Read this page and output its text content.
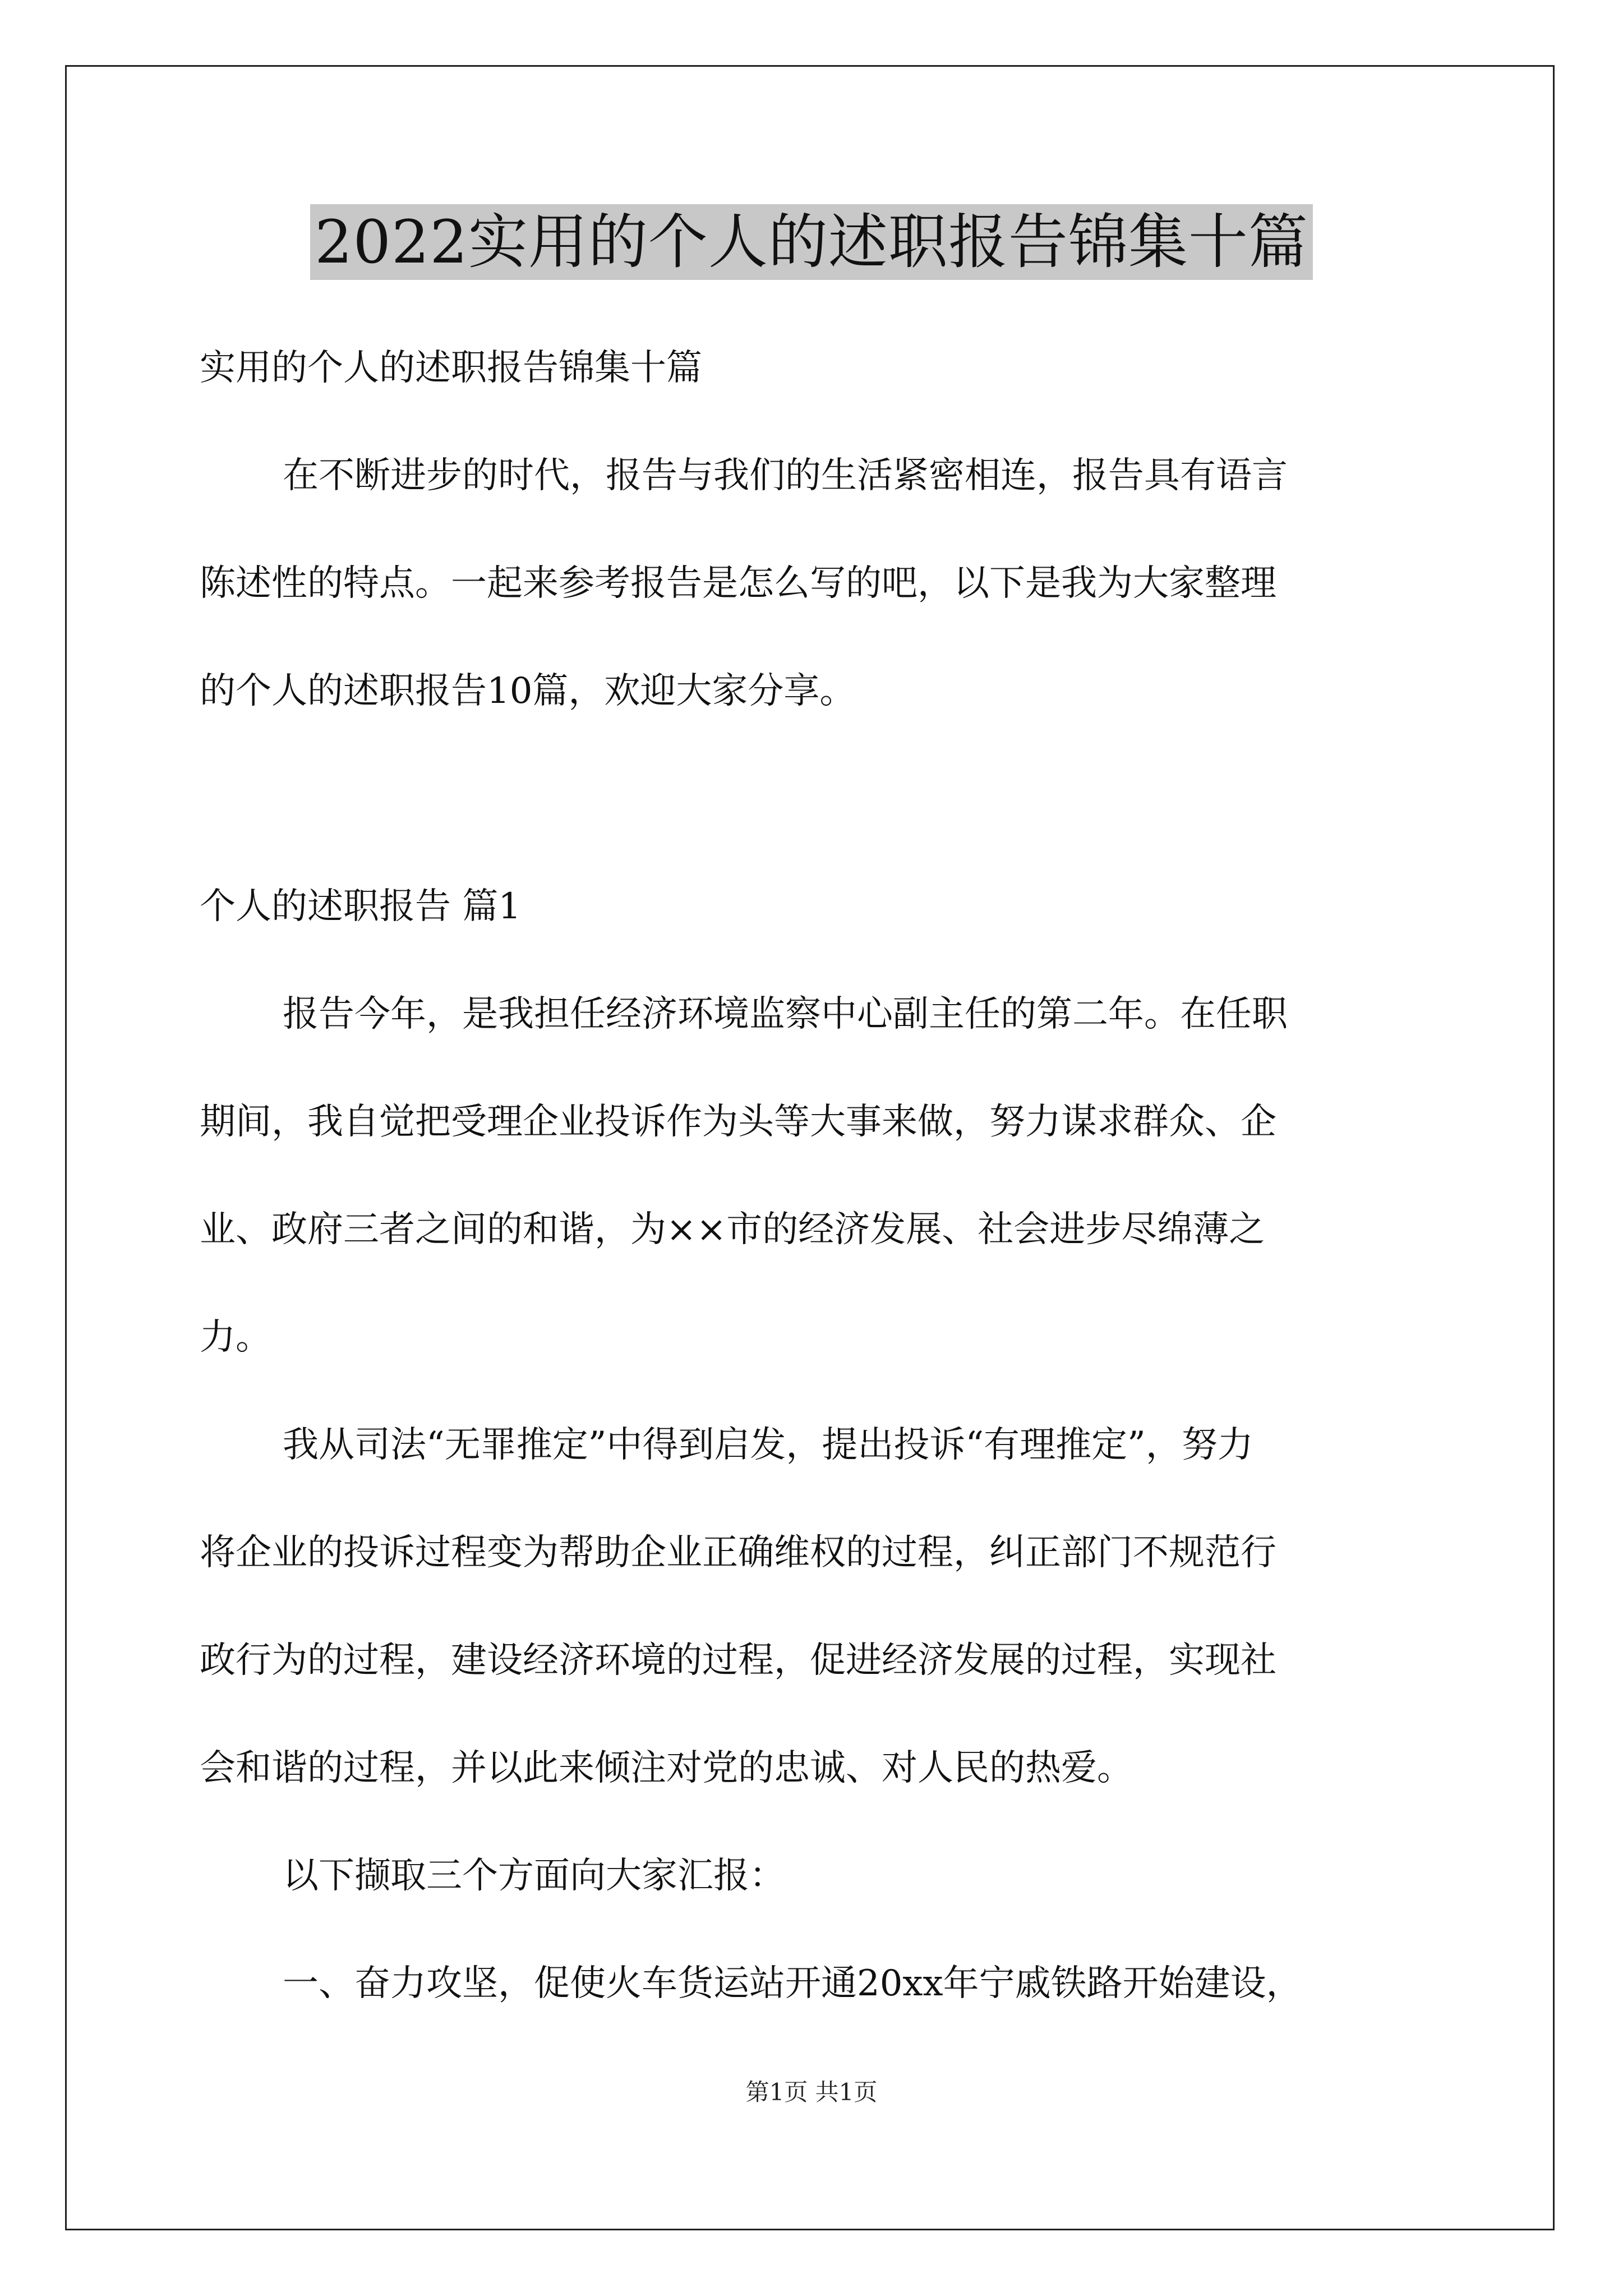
2022实用的个人的述职报告锦集十篇
实用的个人的述职报告锦集十篇
在不断进步的时代，报告与我们的生活紧密相连，报告具有语言
陈述性的特点。一起来参考报告是怎么写的吧，以下是我为大家整理
的个人的述职报告10篇，欢迎大家分享。
个人的述职报告 篇1
报告今年，是我担任经济环境监察中心副主任的第二年。在任职
期间，我自觉把受理企业投诉作为头等大事来做，努力谋求群众、企
业、政府三者之间的和谐，为××市的经济发展、社会进步尽绵薄之
力。
我从司法“无罪推定”中得到启发，提出投诉“有理推定”，努力
将企业的投诉过程变为帮助企业正确维权的过程，纠正部门不规范行
政行为的过程，建设经济环境的过程，促进经济发展的过程，实现社
会和谐的过程，并以此来倾注对党的忠诚、对人民的热爱。
以下撷取三个方面向大家汇报：
一、奋力攻坚，促使火车货运站开通20xx年宁戚铁路开始建设，
第1页 共1页
